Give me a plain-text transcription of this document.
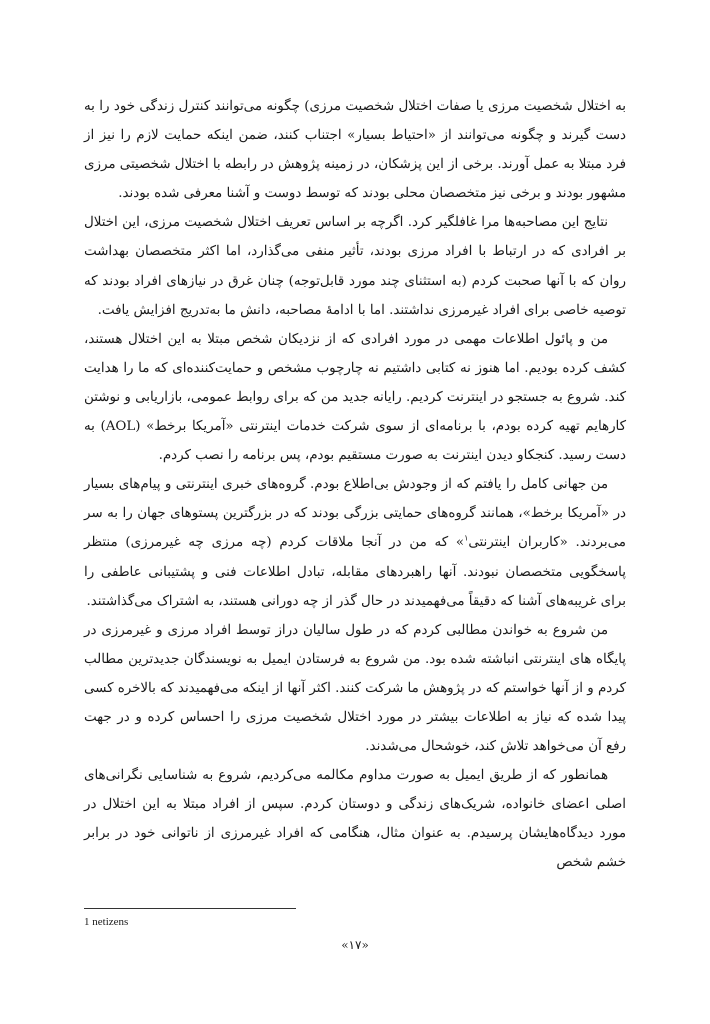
به اختلال شخصیت مرزی یا صفات اختلال شخصیت مرزی) چگونه می‌توانند کنترل زندگی خود را به دست گیرند و چگونه می‌توانند از «احتیاط بسیار» اجتناب کنند، ضمن اینکه حمایت لازم را نیز از فرد مبتلا به عمل آورند. برخی از این پزشکان، در زمینه پژوهش در رابطه با اختلال شخصیتی مرزی مشهور بودند و برخی نیز متخصصان محلی بودند که توسط دوست و آشنا معرفی شده بودند.

نتایج این مصاحبه‌ها مرا غافلگیر کرد. اگرچه بر اساس تعریف اختلال شخصیت مرزی، این اختلال بر افرادی که در ارتباط با افراد مرزی بودند، تأثیر منفی می‌گذارد، اما اکثر متخصصان بهداشت روان که با آنها صحبت کردم (به استثنای چند مورد قابل‌توجه) چنان غرق در نیازهای افراد بودند که توصیه خاصی برای افراد غیرمرزی نداشتند. اما با ادامهٔ مصاحبه، دانش ما به‌تدریج افزایش یافت.

من و پائول اطلاعات مهمی در مورد افرادی که از نزدیکان شخص مبتلا به این اختلال هستند، کشف کرده بودیم. اما هنوز نه کتابی داشتیم نه چارچوب مشخص و حمایت‌کننده‌ای که ما را هدایت کند. شروع به جستجو در اینترنت کردیم. رایانه جدید من که برای روابط عمومی، بازاریابی و نوشتن کارهایم تهیه کرده بودم، با برنامه‌ای از سوی شرکت خدمات اینترنتی «آمریکا برخط» (AOL) به دست رسید. کنجکاو دیدن اینترنت به صورت مستقیم بودم، پس برنامه را نصب کردم.

من جهانی کامل را یافتم که از وجودش بی‌اطلاع بودم. گروه‌های خبری اینترنتی و پیام‌های بسیار در «آمریکا برخط»، همانند گروه‌های حمایتی بزرگی بودند که در بزرگترین پستوهای جهان را به سر می‌بردند. «کاربران اینترنتی$^۱$» که من در آنجا ملاقات کردم (چه مرزی چه غیرمرزی) منتظر پاسخگویی متخصصان نبودند. آنها راهبردهای مقابله، تبادل اطلاعات فنی و پشتیبانی عاطفی را برای غریبه‌های آشنا که دقیقاً می‌فهمیدند در حال گذر از چه دورانی هستند، به اشتراک می‌گذاشتند.

من شروع به خواندن مطالبی کردم که در طول سالیان دراز توسط افراد مرزی و غیرمرزی در پایگاه های اینترنتی انباشته شده بود. من شروع به فرستادن ایمیل به نویسندگان جدیدترین مطالب کردم و از آنها خواستم که در پژوهش ما شرکت کنند. اکثر آنها از اینکه می‌فهمیدند که بالاخره کسی پیدا شده که نیاز به اطلاعات بیشتر در مورد اختلال شخصیت مرزی را احساس کرده و در جهت رفع آن می‌خواهد تلاش کند، خوشحال می‌شدند.

همانطور که از طریق ایمیل به صورت مداوم مکالمه می‌کردیم، شروع به شناسایی نگرانی‌های اصلی اعضای خانواده، شریک‌های زندگی و دوستان کردم. سپس از افراد مبتلا به این اختلال در مورد دیدگاه‌هایشان پرسیدم. به عنوان مثال، هنگامی که افراد غیرمرزی از ناتوانی خود در برابر خشم شخص

1 netizens
«۱۷»
